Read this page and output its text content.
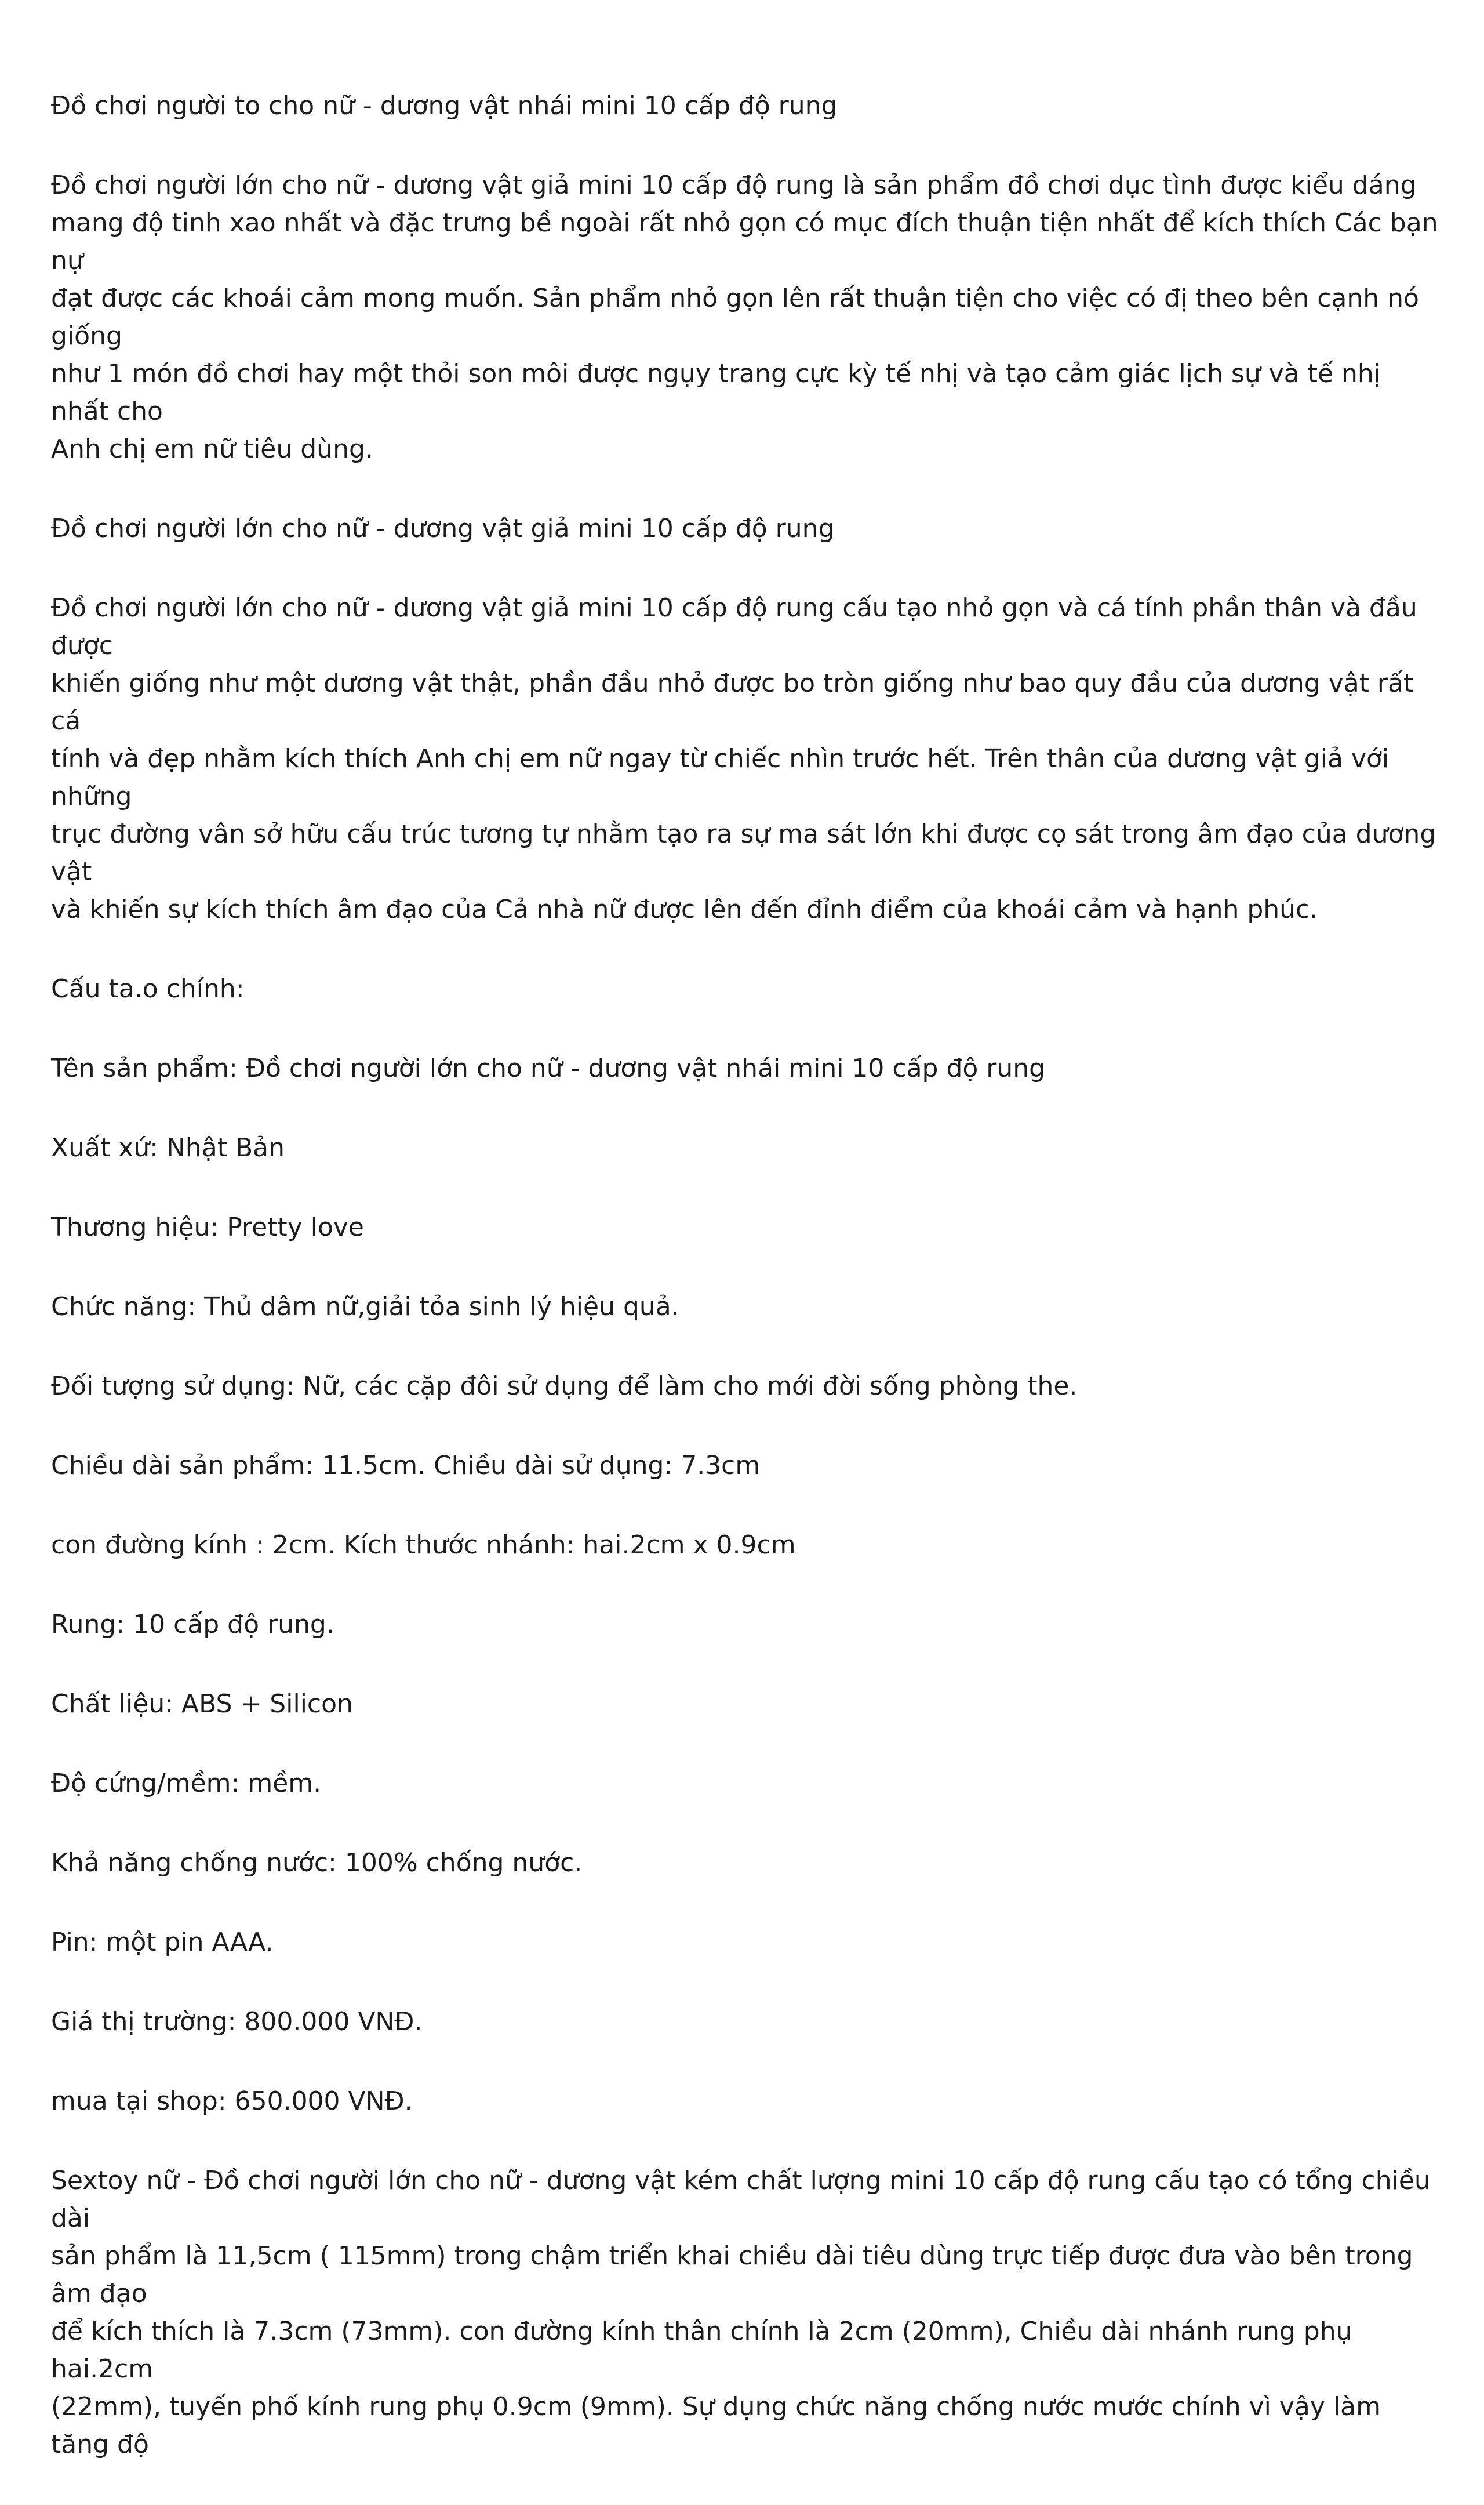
Đồ chơi người to cho nữ - dương vật nhái mini 10 cấp độ rung

Đồ chơi người lớn cho nữ - dương vật giả mini 10 cấp độ rung là sản phẩm đồ chơi dục tình được kiểu dáng
mang độ tinh xao nhất và đặc trưng bề ngoài rất nhỏ gọn có mục đích thuận tiện nhất để kích thích Các bạn nự
đạt được các khoái cảm mong muốn. Sản phẩm nhỏ gọn lên rất thuận tiện cho việc có đị theo bên cạnh nó giống
như 1 món đồ chơi hay một thỏi son môi được ngụy trang cực kỳ tế nhị và tạo cảm giác lịch sự và tế nhị nhất cho
Anh chị em nữ tiêu dùng.

Đồ chơi người lớn cho nữ - dương vật giả mini 10 cấp độ rung

Đồ chơi người lớn cho nữ - dương vật giả mini 10 cấp độ rung cấu tạo nhỏ gọn và cá tính phần thân và đầu được
khiến giống như một dương vật thật, phần đầu nhỏ được bo tròn giống như bao quy đầu của dương vật rất cá
tính và đẹp nhằm kích thích Anh chị em nữ ngay từ chiếc nhìn trước hết. Trên thân của dương vật giả với những
trục đường vân sở hữu cấu trúc tương tự nhằm tạo ra sự ma sát lớn khi được cọ sát trong âm đạo của dương vật
và khiến sự kích thích âm đạo của Cả nhà nữ được lên đến đỉnh điểm của khoái cảm và hạnh phúc.

Cấu ta.o chính:

Tên sản phẩm: Đồ chơi người lớn cho nữ - dương vật nhái mini 10 cấp độ rung

Xuất xứ: Nhật Bản

Thương hiệu: Pretty love

Chức năng: Thủ dâm nữ,giải tỏa sinh lý hiệu quả.

Đối tượng sử dụng: Nữ, các cặp đôi sử dụng để làm cho mới đời sống phòng the.

Chiều dài sản phẩm: 11.5cm. Chiều dài sử dụng: 7.3cm

con đường kính : 2cm. Kích thước nhánh: hai.2cm x 0.9cm

Rung: 10 cấp độ rung.

Chất liệu: ABS + Silicon

Độ cứng/mềm: mềm.

Khả năng chống nước: 100% chống nước.

Pin: một pin AAA.

Giá thị trường: 800.000 VNĐ.

mua tại shop: 650.000 VNĐ.

Sextoy nữ - Đồ chơi người lớn cho nữ - dương vật kém chất lượng mini 10 cấp độ rung cấu tạo có tổng chiều dài
sản phẩm là 11,5cm ( 115mm) trong chậm triển khai chiều dài tiêu dùng trực tiếp được đưa vào bên trong âm đạo
để kích thích là 7.3cm (73mm). con đường kính thân chính là 2cm (20mm), Chiều dài nhánh rung phụ hai.2cm
(22mm), tuyến phố kính rung phụ 0.9cm (9mm). Sự dụng chức năng chống nước mước chính vì vậy làm tăng độ
